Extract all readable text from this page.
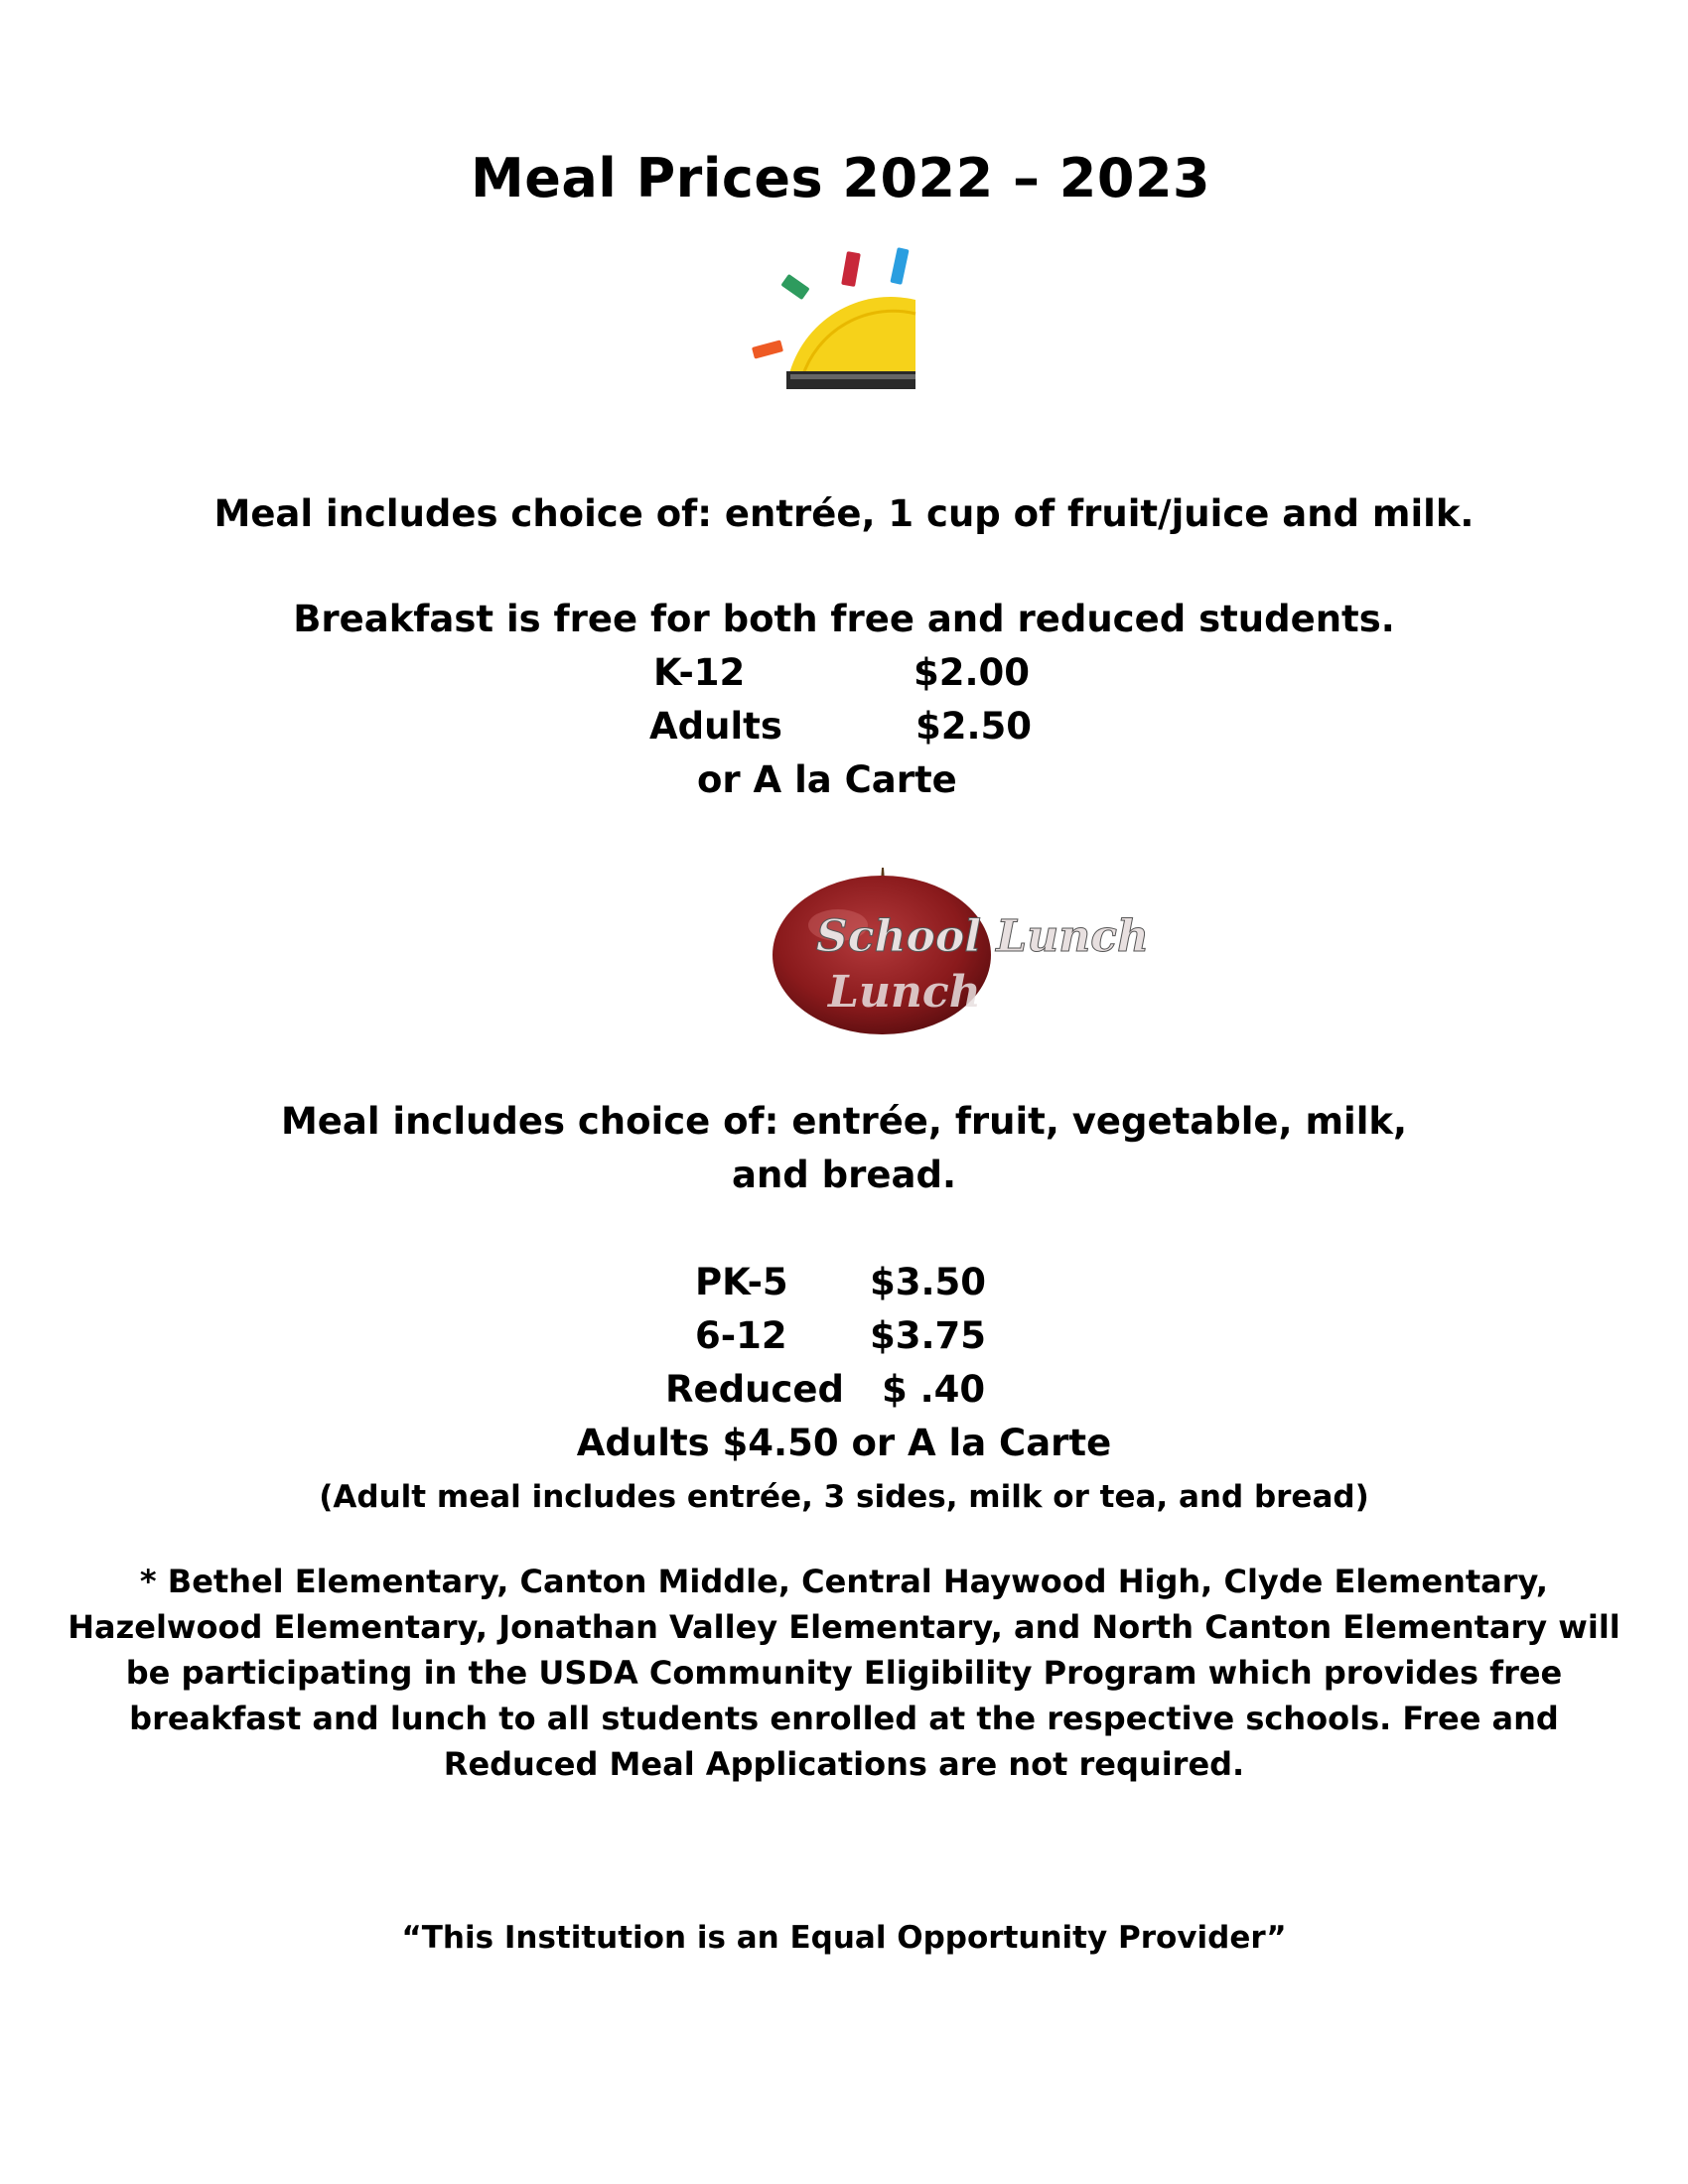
Meal Prices 2022 – 2023
Meal includes choice of: entrée, 1 cup of fruit/juice and milk.
Breakfast is free for both free and reduced students.
K-12	$2.00
Adults	$2.50
or A la Carte
School Lunch
Lunch
Meal includes choice of: entrée, fruit, vegetable, milk,
and bread.
PK-5 $3.50
6-12 $3.75
Reduced $ .40
Adults $4.50 or A la Carte
(Adult meal includes entrée, 3 sides, milk or tea, and bread)
* Bethel Elementary, Canton Middle, Central Haywood High, Clyde Elementary,
Hazelwood Elementary, Jonathan Valley Elementary, and North Canton Elementary will
be participating in the USDA Community Eligibility Program which provides free
breakfast and lunch to all students enrolled at the respective schools. Free and
Reduced Meal Applications are not required.
“This Institution is an Equal Opportunity Provider”
